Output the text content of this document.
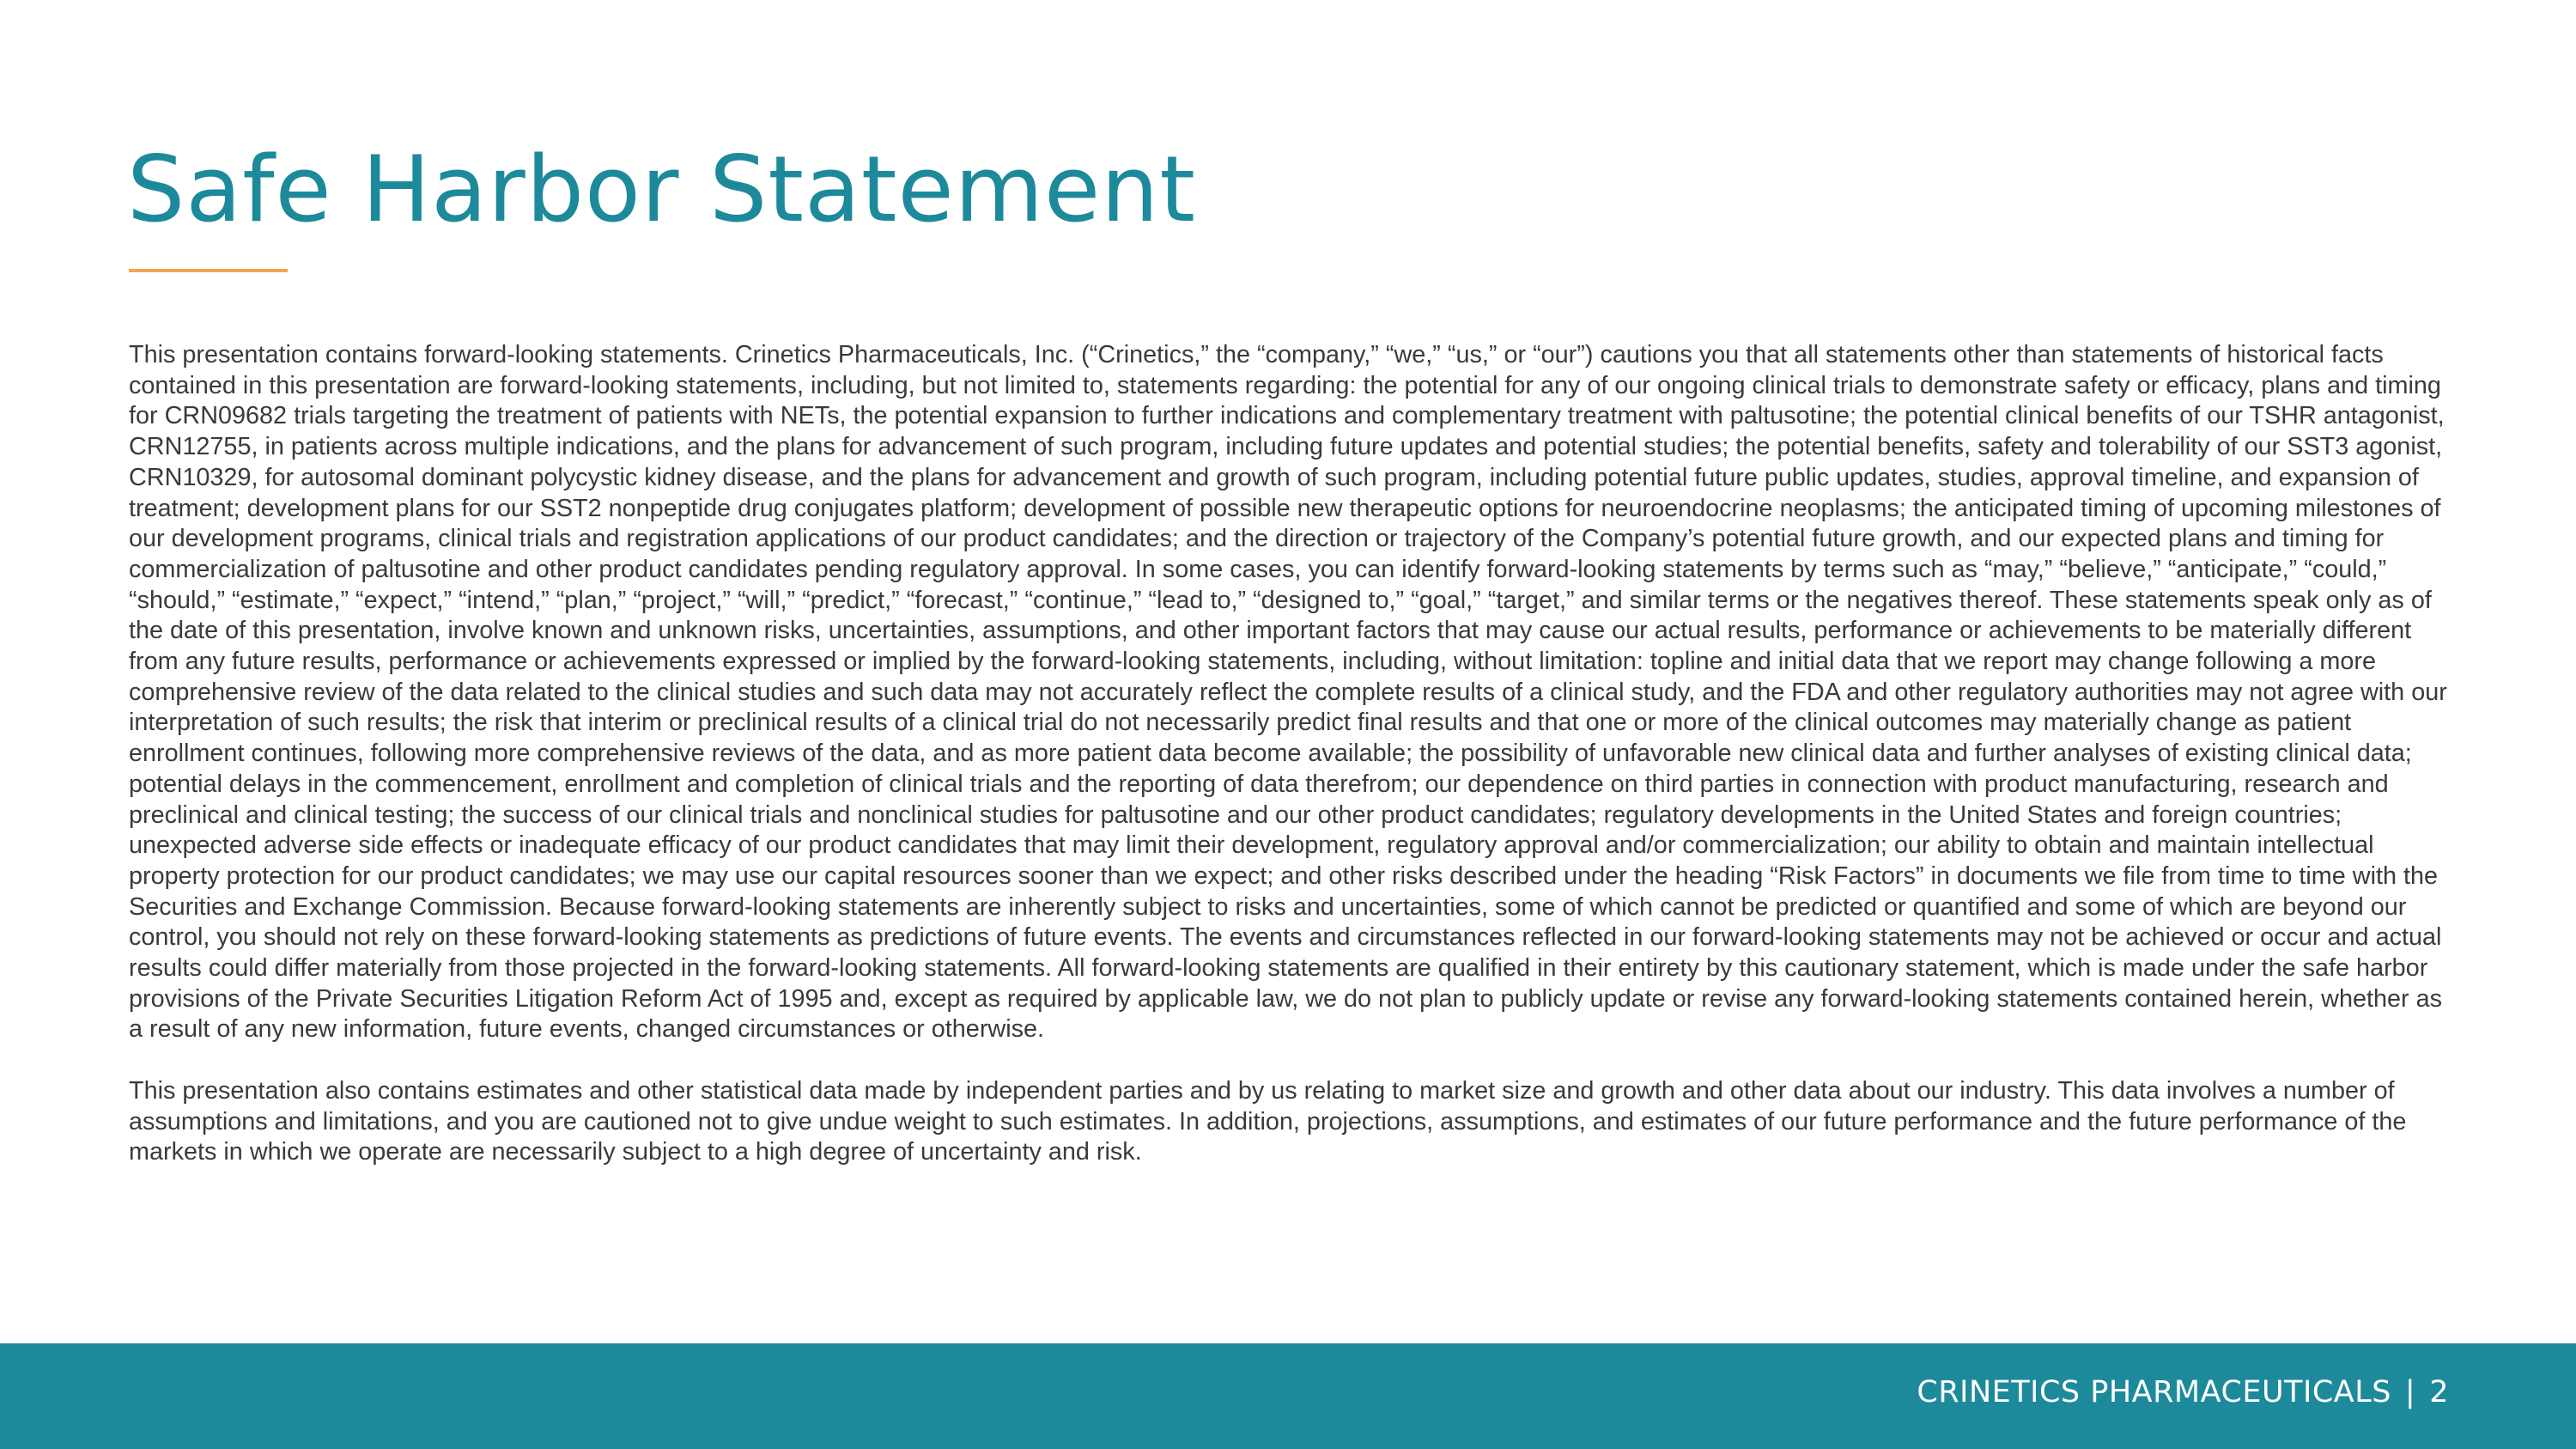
Safe Harbor Statement

This presentation contains forward-looking statements. Crinetics Pharmaceuticals, Inc. (“Crinetics,” the “company,” “we,” “us,” or “our”) cautions you that all statements other than statements of historical facts contained in this presentation are forward-looking statements, including, but not limited to, statements regarding: the potential for any of our ongoing clinical trials to demonstrate safety or efficacy, plans and timing for CRN09682 trials targeting the treatment of patients with NETs, the potential expansion to further indications and complementary treatment with paltusotine; the potential clinical benefits of our TSHR antagonist, CRN12755, in patients across multiple indications, and the plans for advancement of such program, including future updates and potential studies; the potential benefits, safety and tolerability of our SST3 agonist, CRN10329, for autosomal dominant polycystic kidney disease, and the plans for advancement and growth of such program, including potential future public updates, studies, approval timeline, and expansion of treatment; development plans for our SST2 nonpeptide drug conjugates platform; development of possible new therapeutic options for neuroendocrine neoplasms; the anticipated timing of upcoming milestones of our development programs, clinical trials and registration applications of our product candidates; and the direction or trajectory of the Company’s potential future growth, and our expected plans and timing for commercialization of paltusotine and other product candidates pending regulatory approval. In some cases, you can identify forward-looking statements by terms such as “may,” “believe,” “anticipate,” “could,” “should,” “estimate,” “expect,” “intend,” “plan,” “project,” “will,” “predict,” “forecast,” “continue,” “lead to,” “designed to,” “goal,” “target,” and similar terms or the negatives thereof. These statements speak only as of the date of this presentation, involve known and unknown risks, uncertainties, assumptions, and other important factors that may cause our actual results, performance or achievements to be materially different from any future results, performance or achievements expressed or implied by the forward-looking statements, including, without limitation: topline and initial data that we report may change following a more comprehensive review of the data related to the clinical studies and such data may not accurately reflect the complete results of a clinical study, and the FDA and other regulatory authorities may not agree with our interpretation of such results; the risk that interim or preclinical results of a clinical trial do not necessarily predict final results and that one or more of the clinical outcomes may materially change as patient enrollment continues, following more comprehensive reviews of the data, and as more patient data become available; the possibility of unfavorable new clinical data and further analyses of existing clinical data; potential delays in the commencement, enrollment and completion of clinical trials and the reporting of data therefrom; our dependence on third parties in connection with product manufacturing, research and preclinical and clinical testing; the success of our clinical trials and nonclinical studies for paltusotine and our other product candidates; regulatory developments in the United States and foreign countries; unexpected adverse side effects or inadequate efficacy of our product candidates that may limit their development, regulatory approval and/or commercialization; our ability to obtain and maintain intellectual property protection for our product candidates; we may use our capital resources sooner than we expect; and other risks described under the heading “Risk Factors” in documents we file from time to time with the Securities and Exchange Commission. Because forward-looking statements are inherently subject to risks and uncertainties, some of which cannot be predicted or quantified and some of which are beyond our control, you should not rely on these forward-looking statements as predictions of future events. The events and circumstances reflected in our forward-looking statements may not be achieved or occur and actual results could differ materially from those projected in the forward-looking statements. All forward-looking statements are qualified in their entirety by this cautionary statement, which is made under the safe harbor provisions of the Private Securities Litigation Reform Act of 1995 and, except as required by applicable law, we do not plan to publicly update or revise any forward-looking statements contained herein, whether as a result of any new information, future events, changed circumstances or otherwise.

This presentation also contains estimates and other statistical data made by independent parties and by us relating to market size and growth and other data about our industry. This data involves a number of assumptions and limitations, and you are cautioned not to give undue weight to such estimates. In addition, projections, assumptions, and estimates of our future performance and the future performance of the markets in which we operate are necessarily subject to a high degree of uncertainty and risk.

CRINETICS PHARMACEUTICALS | 2
